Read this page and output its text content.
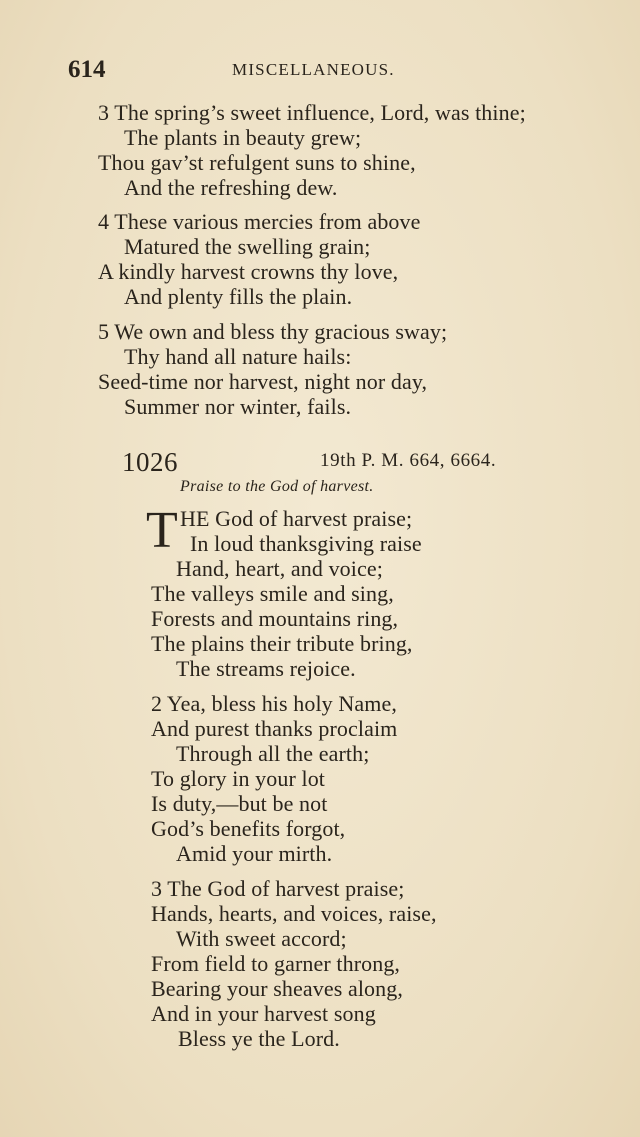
614	MISCELLANEOUS.
3 The spring’s sweet influence, Lord, was thine;
The plants in beauty grew;
Thou gav’st refulgent suns to shine,
And the refreshing dew.
4 These various mercies from above
Matured the swelling grain;
A kindly harvest crowns thy love,
And plenty fills the plain.
5 We own and bless thy gracious sway;
Thy hand all nature hails:
Seed-time nor harvest, night nor day,
Summer nor winter, fails.
1026	19th P. M. 664, 6664.
Praise to the God of harvest.
T HE God of harvest praise;
In loud thanksgiving raise
Hand, heart, and voice;
The valleys smile and sing,
Forests and mountains ring,
The plains their tribute bring,
The streams rejoice.
2 Yea, bless his holy Name,
And purest thanks proclaim
Through all the earth;
To glory in your lot
Is duty,—but be not
God’s benefits forgot,
Amid your mirth.
3 The God of harvest praise;
Hands, hearts, and voices, raise,
With sweet accord;
From field to garner throng,
Bearing your sheaves along,
And in your harvest song
Bless ye the Lord.
